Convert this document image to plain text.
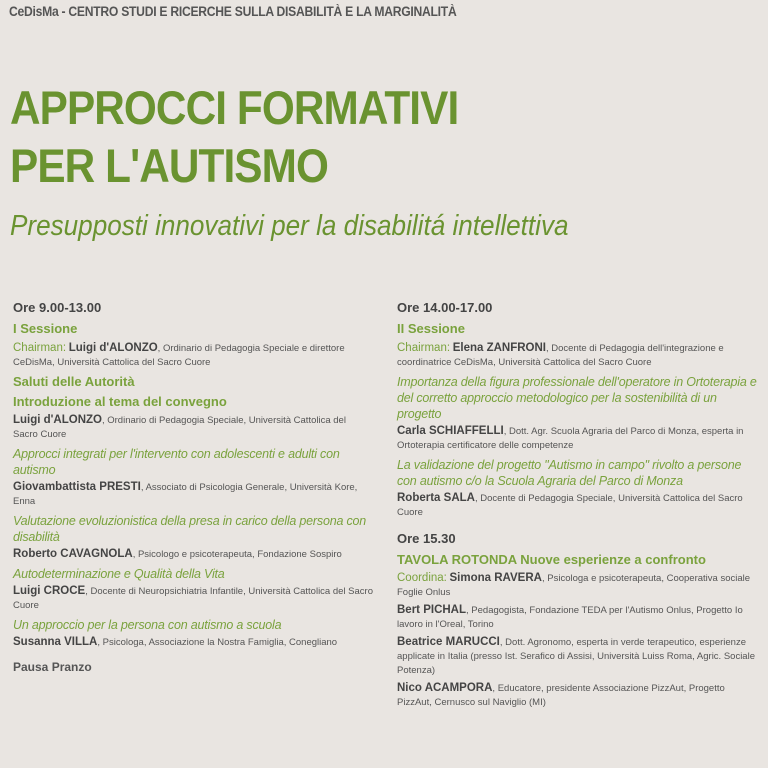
CeDisMa - CENTRO STUDI E RICERCHE SULLA DISABILITÀ E LA MARGINALITÀ
APPROCCI FORMATIVI
PER L'AUTISMO
Presupposti innovativi per la disabilitá intellettiva
Ore 9.00-13.00
I Sessione
Chairman: Luigi d'ALONZO, Ordinario di Pedagogia Speciale e direttore CeDisMa, Università Cattolica del Sacro Cuore
Saluti delle Autorità
Introduzione al tema del convegno
Luigi d'ALONZO, Ordinario di Pedagogia Speciale, Università Cattolica del Sacro Cuore
Approcci integrati per l'intervento con adolescenti e adulti con autismo
Giovambattista PRESTI, Associato di Psicologia Generale, Università Kore, Enna
Valutazione evoluzionistica della presa in carico della persona con disabilità
Roberto CAVAGNOLA, Psicologo e psicoterapeuta, Fondazione Sospiro
Autodeterminazione e Qualità della Vita
Luigi CROCE, Docente di Neuropsichiatria Infantile, Università Cattolica del Sacro Cuore
Un approccio per la persona con autismo a scuola
Susanna VILLA, Psicologa, Associazione la Nostra Famiglia, Conegliano
Pausa Pranzo
Ore 14.00-17.00
II Sessione
Chairman: Elena ZANFRONI, Docente di Pedagogia dell'integrazione e coordinatrice CeDisMa, Università Cattolica del Sacro Cuore
Importanza della figura professionale dell'operatore in Ortoterapia e del corretto approccio metodologico per la sostenibilità di un progetto
Carla SCHIAFFELLI, Dott. Agr. Scuola Agraria del Parco di Monza, esperta in Ortoterapia certificatore delle competenze
La validazione del progetto "Autismo in campo" rivolto a persone con autismo c/o la Scuola Agraria del Parco di Monza
Roberta SALA, Docente di Pedagogia Speciale, Università Cattolica del Sacro Cuore
Ore 15.30
TAVOLA ROTONDA Nuove esperienze a confronto
Coordina: Simona RAVERA, Psicologa e psicoterapeuta, Cooperativa sociale Foglie Onlus
Bert PICHAL, Pedagogista, Fondazione TEDA per l'Autismo Onlus, Progetto Io lavoro in l'Oreal, Torino
Beatrice MARUCCI, Dott. Agronomo, esperta in verde terapeutico, esperienze applicate in Italia (presso Ist. Serafico di Assisi, Università Luiss Roma, Agric. Sociale Potenza)
Nico ACAMPORA, Educatore, presidente Associazione PizzAut, Progetto PizzAut, Cernusco sul Naviglio (MI)
